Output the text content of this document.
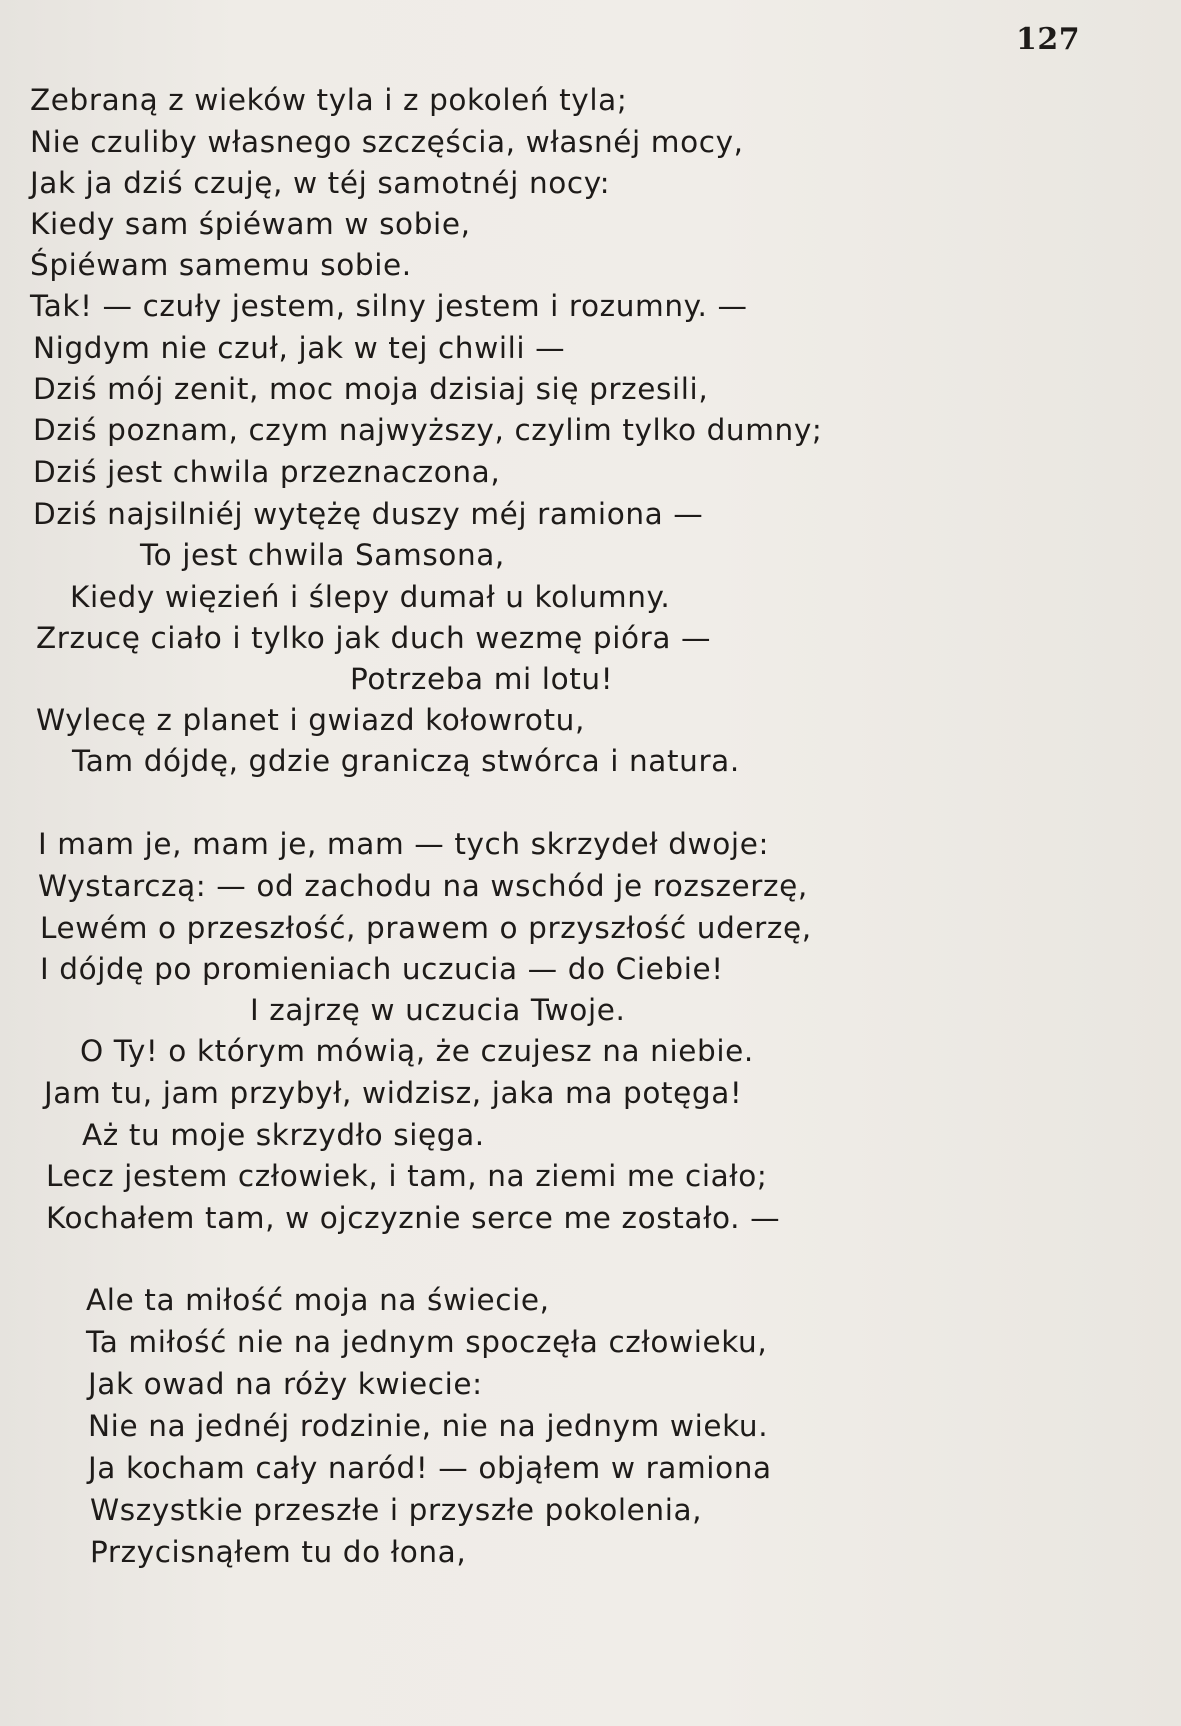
127
Zebraną z wieków tyla i z pokoleń tyla;
Nie czuliby własnego szczęścia, własnéj mocy,
Jak ja dziś czuję, w téj samotnéj nocy:
Kiedy sam śpiéwam w sobie,
Śpiéwam samemu sobie.
Tak! — czuły jestem, silny jestem i rozumny. —
Nigdym nie czuł, jak w tej chwili —
Dziś mój zenit, moc moja dzisiaj się przesili,
Dziś poznam, czym najwyższy, czylim tylko dumny;
Dziś jest chwila przeznaczona,
Dziś najsilniéj wytężę duszy méj ramiona —
To jest chwila Samsona,
Kiedy więzień i ślepy dumał u kolumny.
Zrzucę ciało i tylko jak duch wezmę pióra —
Potrzeba mi lotu!
Wylecę z planet i gwiazd kołowrotu,
Tam dójdę, gdzie graniczą stwórca i natura.
I mam je, mam je, mam — tych skrzydeł dwoje:
Wystarczą: — od zachodu na wschód je rozszerzę,
Lewém o przeszłość, prawem o przyszłość uderzę,
I dójdę po promieniach uczucia — do Ciebie!
I zajrzę w uczucia Twoje.
O Ty! o którym mówią, że czujesz na niebie.
Jam tu, jam przybył, widzisz, jaka ma potęga!
Aż tu moje skrzydło sięga.
Lecz jestem człowiek, i tam, na ziemi me ciało;
Kochałem tam, w ojczyznie serce me zostało. —
Ale ta miłość moja na świecie,
Ta miłość nie na jednym spoczęła człowieku,
Jak owad na róży kwiecie:
Nie na jednéj rodzinie, nie na jednym wieku.
Ja kocham cały naród! — objąłem w ramiona
Wszystkie przeszłe i przyszłe pokolenia,
Przycisnąłem tu do łona,
